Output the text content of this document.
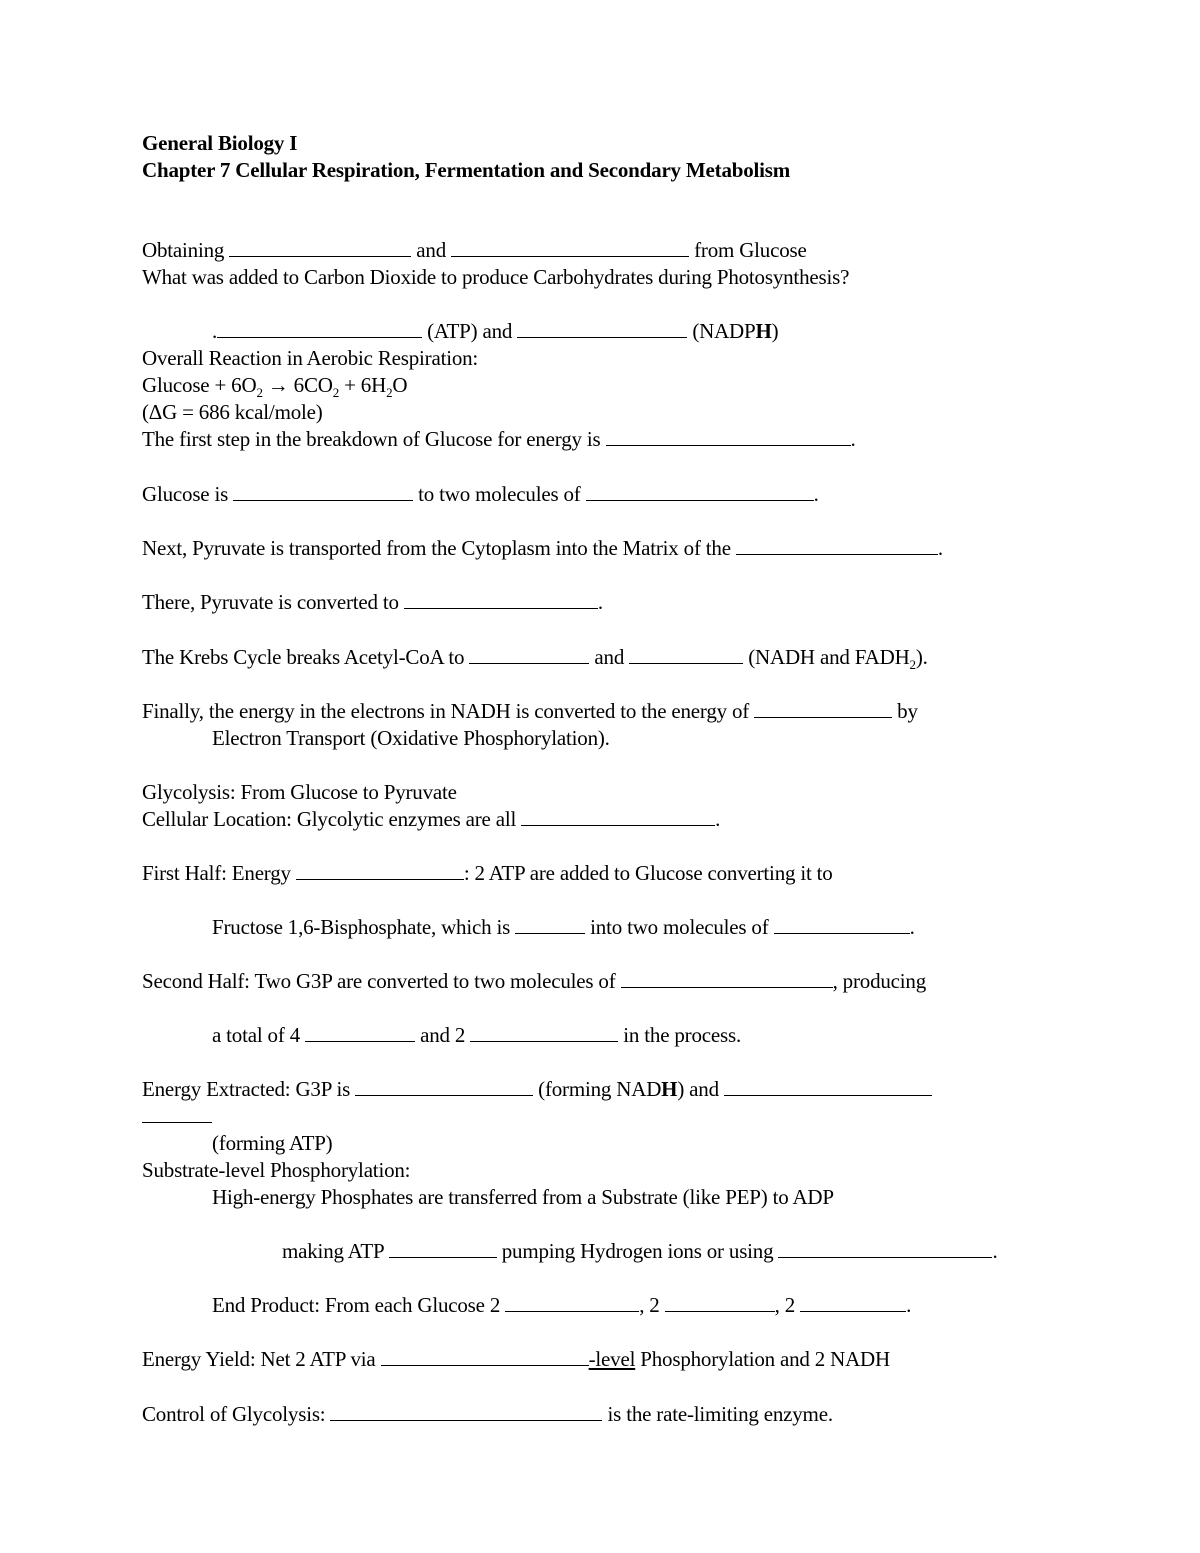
General Biology I
Chapter 7 Cellular Respiration, Fermentation and Secondary Metabolism
Obtaining	and	from Glucose
What was added to Carbon Dioxide to produce Carbohydrates during Photosynthesis?
.	(ATP) and	(NADPH)
Overall Reaction in Aerobic Respiration:
$Glucose + 6O_2 \to 6CO_2 + 6H_2O$
(ΔG = 686 kcal/mole)
The first step in the breakdown of Glucose for energy is	.
Glucose is	to two molecules of	.
Next, Pyruvate is transported from the Cytoplasm into the Matrix of the	.
There, Pyruvate is converted to	.
The Krebs Cycle breaks Acetyl-CoA to	and	(NADH and $FADH_2$).
Finally, the energy in the electrons in NADH is converted to the energy of	by
Electron Transport (Oxidative Phosphorylation).
Glycolysis: From Glucose to Pyruvate
Cellular Location: Glycolytic enzymes are all	.
First Half: Energy	: 2 ATP are added to Glucose converting it to
Fructose 1,6-Bisphosphate, which is	into two molecules of	.
Second Half: Two G3P are converted to two molecules of	, producing
a total of 4	and 2	in the process.
Energy Extracted: G3P is	(forming NADH) and
(forming ATP)
Substrate-level Phosphorylation:
High-energy Phosphates are transferred from a Substrate (like PEP) to ADP
making ATP	pumping Hydrogen ions or using	.
End Product: From each Glucose 2	, 2	, 2	.
Energy Yield: Net 2 ATP via	-level Phosphorylation and 2 NADH
Control of Glycolysis:	is the rate-limiting enzyme.
